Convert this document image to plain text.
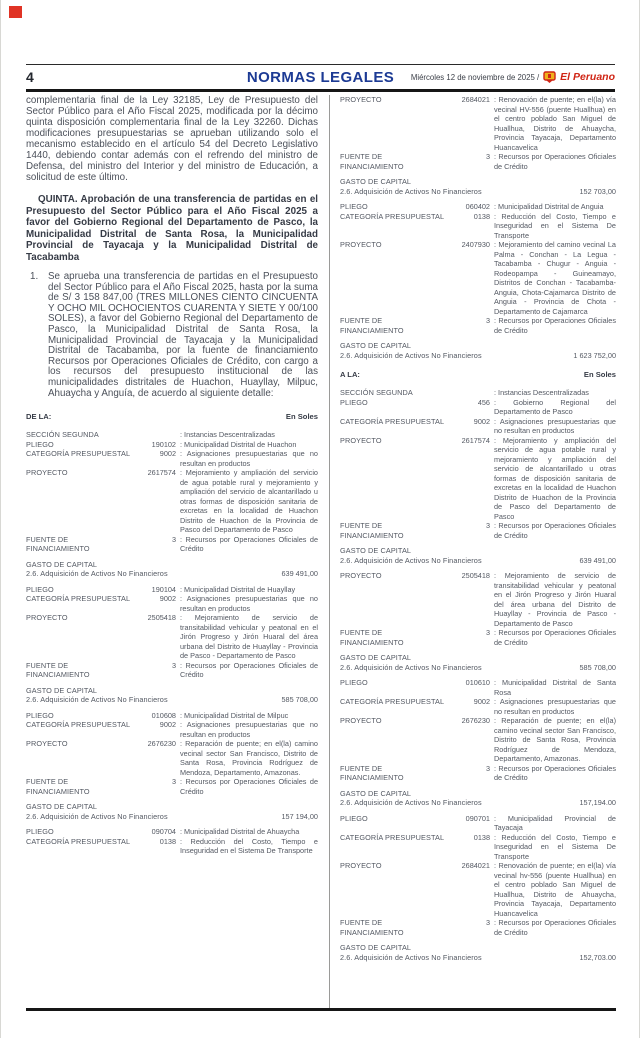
4	NORMAS LEGALES	Miércoles 12 de noviembre de 2025 / El Peruano

complementaria final de la Ley 32185, Ley de Presupuesto del Sector Público para el Año Fiscal 2025, modificada por la décimo quinta disposición complementaria final de la Ley 32260. Dichas modificaciones presupuestarias se aprueban utilizando solo el mecanismo establecido en el artículo 54 del Decreto Legislativo 1440, debiendo contar además con el refrendo del ministro de Defensa, del ministro del Interior y del ministro de Educación, a solicitud de este último.

QUINTA. Aprobación de una transferencia de partidas en el Presupuesto del Sector Público para el Año Fiscal 2025 a favor del Gobierno Regional del Departamento de Pasco, la Municipalidad Distrital de Santa Rosa, la Municipalidad Provincial de Tayacaja y la Municipalidad Distrital de Tacabamba

1.	Se aprueba una transferencia de partidas en el Presupuesto del Sector Público para el Año Fiscal 2025, hasta por la suma de S/ 3 158 847,00 (TRES MILLONES CIENTO CINCUENTA Y OCHO MIL OCHOCIENTOS CUARENTA Y SIETE Y 00/100 SOLES), a favor del Gobierno Regional del Departamento de Pasco, la Municipalidad Distrital de Santa Rosa, la Municipalidad Provincial de Tayacaja y la Municipalidad Distrital de Tacabamba, por la fuente de financiamiento Recursos por Operaciones Oficiales de Crédito, con cargo a los recursos del presupuesto institucional de las municipalidades distritales de Huachon, Huayllay, Milpuc, Ahuaycha y Anguía, de acuerdo al siguiente detalle:
DE LA:	En Soles
SECCIÓN SEGUNDA	: Instancias Descentralizadas
PLIEGO	190102 : Municipalidad Distrital de Huachon
CATEGORÍA PRESUPUESTAL	9002 : Asignaciones presupuestarias que no resultan en productos
PROYECTO	2617574 : Mejoramiento y ampliación del servicio de agua potable rural y mejoramiento y ampliación del servicio de alcantarillado u otras formas de disposición sanitaria de excretas en la localidad de Huachon Distrito de Huachon de la Provincia de Pasco del Departamento de Pasco
FUENTE DE FINANCIAMIENTO
3 : Recursos por Operaciones Oficiales de Crédito
GASTO DE CAPITAL
2.6. Adquisición de Activos No Financieros	639 491,00
PLIEGO	190104 : Municipalidad Distrital de Huayllay
CATEGORÍA PRESUPUESTAL	9002 : Asignaciones presupuestarias que no resultan en productos
PROYECTO	2505418 : Mejoramiento de servicio de transitabilidad vehicular y peatonal en el Jirón Progreso y Jirón Huaral del área urbana del Distrito de Huayllay - Provincia de Pasco - Departamento de Pasco
FUENTE DE FINANCIAMIENTO
3 : Recursos por Operaciones Oficiales de Crédito
GASTO DE CAPITAL
2.6. Adquisición de Activos No Financieros	585 708,00
PLIEGO	010608 : Municipalidad Distrital de Milpuc
CATEGORÍA PRESUPUESTAL	9002 : Asignaciones presupuestarias que no resultan en productos
PROYECTO	2676230 : Reparación de puente; en el(la) camino vecinal sector San Francisco, Distrito de Santa Rosa, Provincia Rodríguez de Mendoza, Departamento, Amazonas.
FUENTE DE FINANCIAMIENTO
3 : Recursos por Operaciones Oficiales de Crédito
GASTO DE CAPITAL
2.6. Adquisición de Activos No Financieros	157 194,00
PLIEGO	090704 : Municipalidad Distrital de Ahuaycha
CATEGORÍA PRESUPUESTAL	0138 : Reducción del Costo, Tiempo e Inseguridad en el Sistema De Transporte
PROYECTO	2684021 : Renovación de puente; en el(la) vía vecinal HV-556 (puente Huallhua) en el centro poblado San Miguel de Huallhua, Distrito de Ahuaycha, Provincia Tayacaja, Departamento Huancavelica
FUENTE DE FINANCIAMIENTO
3 : Recursos por Operaciones Oficiales de Crédito
GASTO DE CAPITAL
2.6. Adquisición de Activos No Financieros	152 703,00
PLIEGO	060402 : Municipalidad Distrital de Anguia
CATEGORÍA PRESUPUESTAL	0138 : Reducción del Costo, Tiempo e Inseguridad en el Sistema De Transporte
PROYECTO	2407930 : Mejoramiento del camino vecinal La Palma - Conchan - La Legua - Tacabamba - Chugur - Anguia - Rodeopampa - Guineamayo, Distritos de Conchan - Tacabamba-Anguia, Chota-Cajamarca Distrito de Anguia - Provincia de Chota - Departamento de Cajamarca
FUENTE DE FINANCIAMIENTO
3 : Recursos por Operaciones Oficiales de Crédito
GASTO DE CAPITAL
2.6. Adquisición de Activos No Financieros	1 623 752,00
A LA:	En Soles
SECCIÓN SEGUNDA	: Instancias Descentralizadas
PLIEGO	456 : Gobierno Regional del Departamento de Pasco
CATEGORÍA PRESUPUESTAL	9002 : Asignaciones presupuestarias que no resultan en productos
PROYECTO	2617574 : Mejoramiento y ampliación del servicio de agua potable rural y mejoramiento y ampliación del servicio de alcantarillado u otras formas de disposición sanitaria de excretas en la localidad de Huachon Distrito de Huachon de la Provincia de Pasco del Departamento de Pasco
FUENTE DE FINANCIAMIENTO
3 : Recursos por Operaciones Oficiales de Crédito
GASTO DE CAPITAL
2.6. Adquisición de Activos No Financieros	639 491,00
PROYECTO	2505418 : Mejoramiento de servicio de transitabilidad vehicular y peatonal en el Jirón Progreso y Jirón Huaral del área urbana del Distrito de Huayllay - Provincia de Pasco - Departamento de Pasco
FUENTE DE FINANCIAMIENTO
3 : Recursos por Operaciones Oficiales de Crédito
GASTO DE CAPITAL
2.6. Adquisición de Activos No Financieros	585 708,00
PLIEGO	010610 : Municipalidad Distrital de Santa Rosa
CATEGORÍA PRESUPUESTAL	9002 : Asignaciones presupuestarias que no resultan en productos
PROYECTO	2676230 : Reparación de puente; en el(la) camino vecinal sector San Francisco, Distrito de Santa Rosa, Provincia Rodríguez de Mendoza, Departamento, Amazonas.
FUENTE DE FINANCIAMIENTO
3 : Recursos por Operaciones Oficiales de Crédito
GASTO DE CAPITAL
2.6. Adquisición de Activos No Financieros	157,194.00
PLIEGO	090701 : Municipalidad Provincial de Tayacaja
CATEGORÍA PRESUPUESTAL	0138 : Reducción del Costo, Tiempo e Inseguridad en el Sistema De Transporte
PROYECTO	2684021 : Renovación de puente; en el(la) vía vecinal hv-556 (puente Huallhua) en el centro poblado San Miguel de Huallhua, Distrito de Ahuaycha, Provincia Tayacaja, Departamento Huancavelica
FUENTE DE FINANCIAMIENTO
3 : Recursos por Operaciones Oficiales de Crédito
GASTO DE CAPITAL
2.6. Adquisición de Activos No Financieros	152,703.00
